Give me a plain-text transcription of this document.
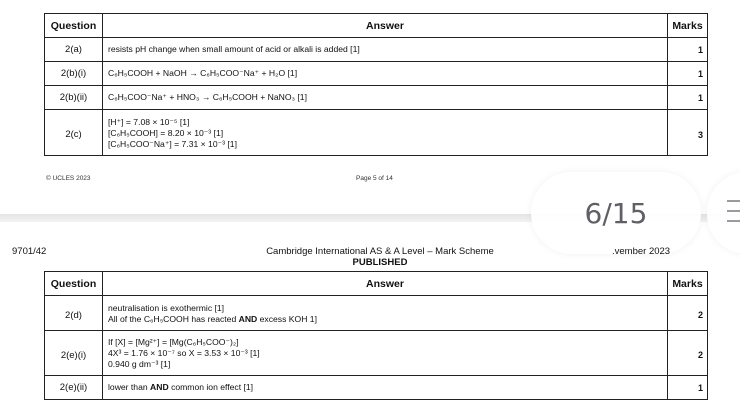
Question	Answer	Marks
2(a)	resists pH change when small amount of acid or alkali is added [1]	1
2(b)(i)	C₆H₅COOH + NaOH → C₆H₅COO⁻Na⁺ + H₂O [1]	1
2(b)(ii)	C₆H₅COO⁻Na⁺ + HNO₃ → C₆H₅COOH + NaNO₃ [1]	1
2(c)	[H⁺] = 7.08 × 10⁻⁵ [1]
[C₆H₅COOH] = 8.20 × 10⁻³ [1]
[C₆H₅COO⁻Na⁺] = 7.31 × 10⁻³ [1]	3
© UCLES 2023	Page 5 of 14
6/15
9701/42	Cambridge International AS & A Level – Mark Scheme
PUBLISHED
.vember 2023
Question	Answer	Marks
2(d)	neutralisation is exothermic [1]
All of the C₆H₅COOH has reacted AND excess KOH 1]	2
2(e)(i)	If [X] = [Mg²⁺] = [Mg(C₆H₅COO⁻)₂]
4X³ = 1.76 × 10⁻⁷ so X = 3.53 × 10⁻³ [1]
0.940 g dm⁻³ [1]	2
2(e)(ii)	lower than AND common ion effect [1]	1
